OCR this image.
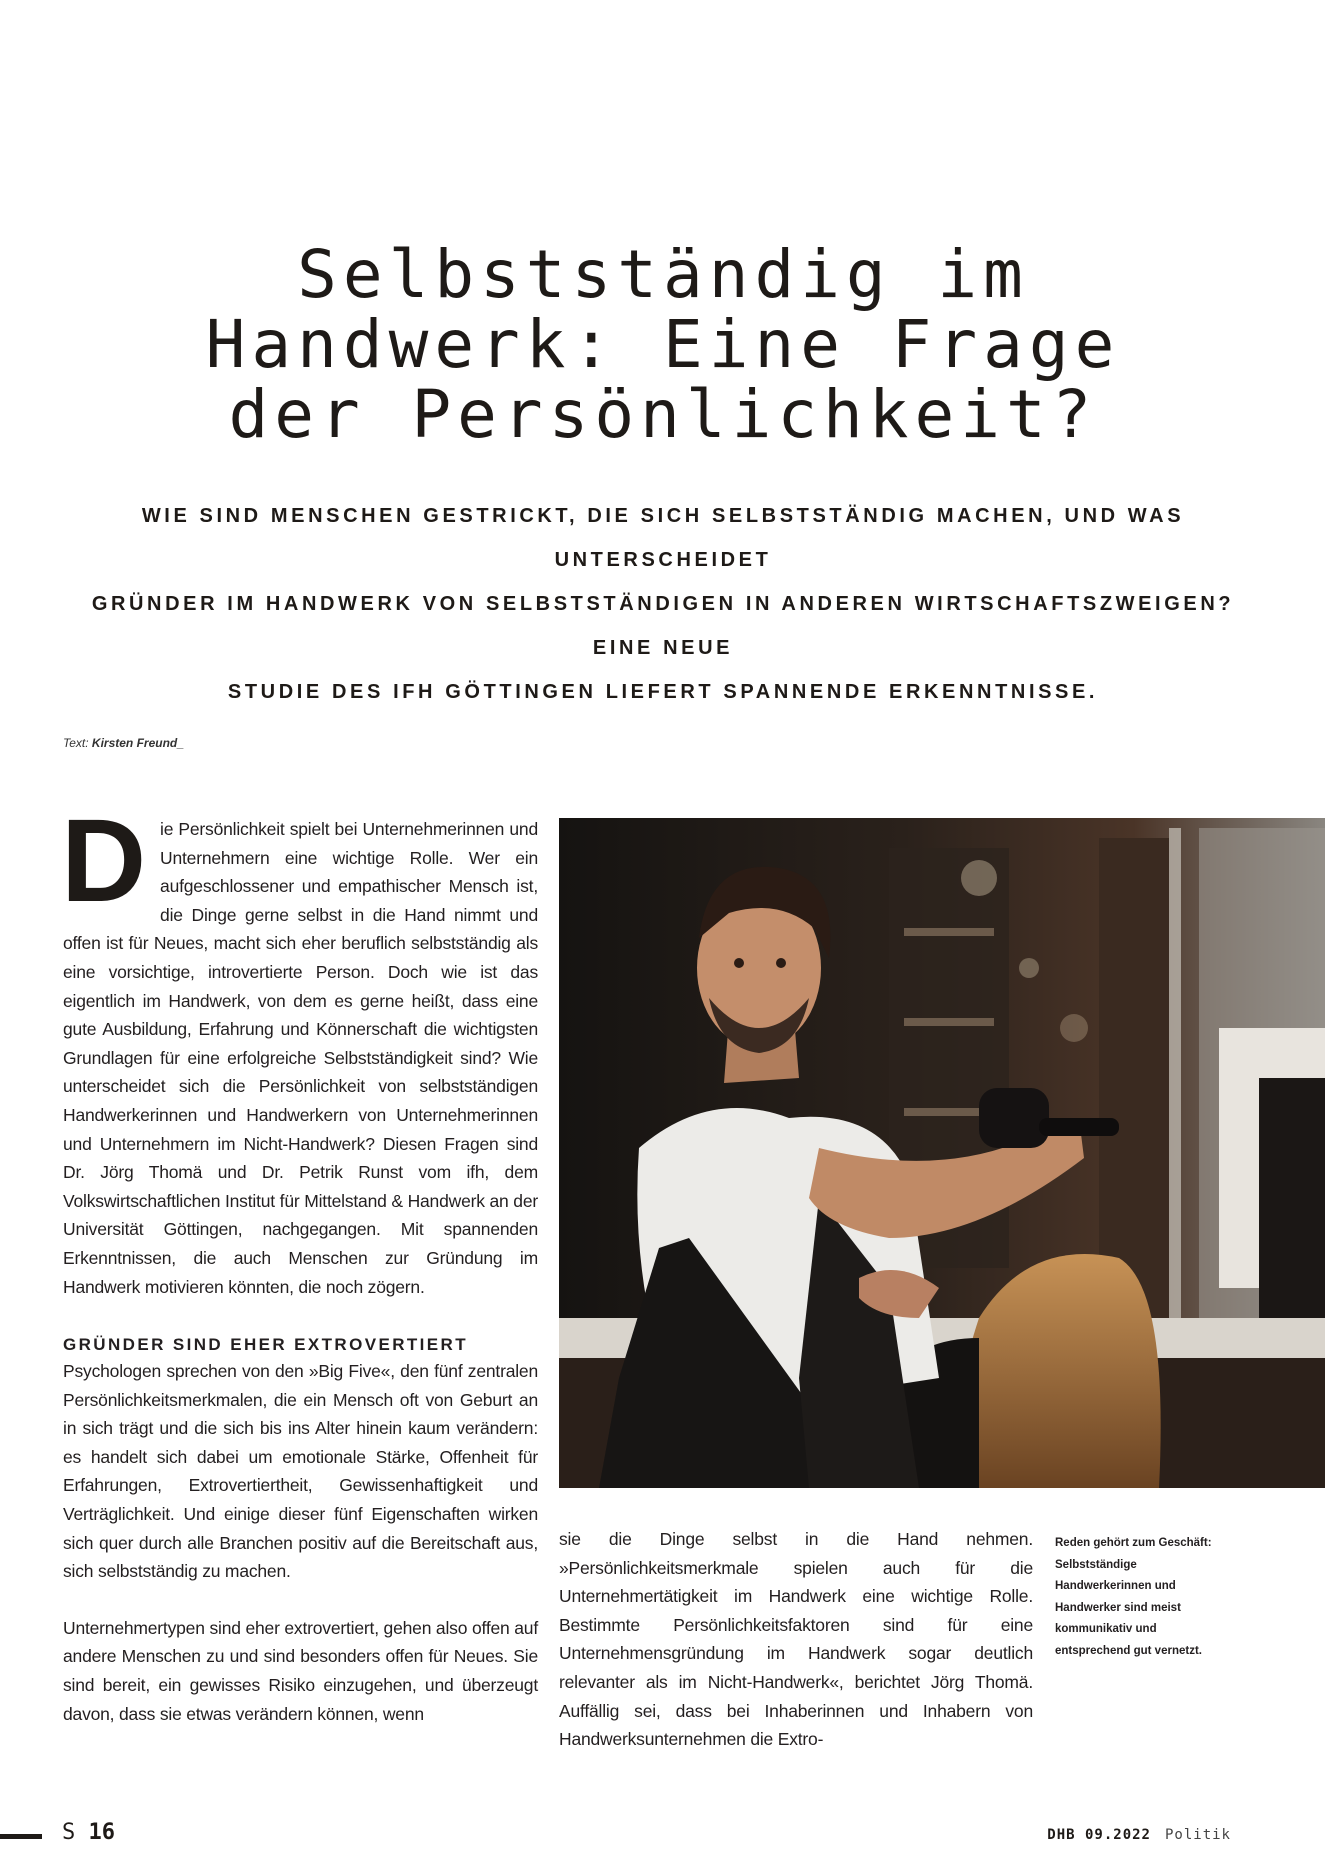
Selbstständig im
Handwerk: Eine Frage
der Persönlichkeit?
WIE SIND MENSCHEN GESTRICKT, DIE SICH SELBSTSTÄNDIG MACHEN, UND WAS UNTERSCHEIDET
GRÜNDER IM HANDWERK VON SELBSTSTÄNDIGEN IN ANDEREN WIRTSCHAFTSZWEIGEN? EINE NEUE
STUDIE DES IFH GÖTTINGEN LIEFERT SPANNENDE ERKENNTNISSE.
Text: Kirsten Freund_
D ie Persönlichkeit spielt bei Unternehmerinnen und Unternehmern eine wichtige Rolle. Wer ein aufgeschlossener und empathischer Mensch ist, die Dinge gerne selbst in die Hand nimmt und offen ist für Neues, macht sich eher beruflich selbstständig als eine vorsichtige, introvertierte Person. Doch wie ist das eigentlich im Handwerk, von dem es gerne heißt, dass eine gute Ausbildung, Erfahrung und Könnerschaft die wichtigsten Grundlagen für eine erfolgreiche Selbstständigkeit sind? Wie unterscheidet sich die Persönlichkeit von selbstständigen Handwerkerinnen und Handwerkern von Unternehmerinnen und Unternehmern im Nicht-Handwerk? Diesen Fragen sind Dr. Jörg Thomä und Dr. Petrik Runst vom ifh, dem Volkswirtschaftlichen Institut für Mittelstand & Handwerk an der Universität Göttingen, nachgegangen. Mit spannenden Erkenntnissen, die auch Menschen zur Gründung im Handwerk motivieren könnten, die noch zögern.

GRÜNDER SIND EHER EXTROVERTIERT

Psychologen sprechen von den »Big Five«, den fünf zentralen Persönlichkeitsmerkmalen, die ein Mensch oft von Geburt an in sich trägt und die sich bis ins Alter hinein kaum verändern: es handelt sich dabei um emotionale Stärke, Offenheit für Erfahrungen, Extrovertiertheit, Gewissenhaftigkeit und Verträglichkeit. Und einige dieser fünf Eigenschaften wirken sich quer durch alle Branchen positiv auf die Bereitschaft aus, sich selbstständig zu machen.

Unternehmertypen sind eher extrovertiert, gehen also offen auf andere Menschen zu und sind besonders offen für Neues. Sie sind bereit, ein gewisses Risiko einzugehen, und überzeugt davon, dass sie etwas verändern können, wenn

sie die Dinge selbst in die Hand nehmen. »Persönlichkeitsmerkmale spielen auch für die Unternehmertätigkeit im Handwerk eine wichtige Rolle. Bestimmte Persönlichkeitsfaktoren sind für eine Unternehmensgründung im Handwerk sogar deutlich relevanter als im Nicht-Handwerk«, berichtet Jörg Thomä. Auffällig sei, dass bei Inhaberinnen und Inhabern von Handwerksunternehmen die Extro-

Reden gehört zum Geschäft: Selbstständige Handwerkerinnen und Handwerker sind meist kommunikativ und entsprechend gut vernetzt.
S 16	DHB 09.2022 Politik
